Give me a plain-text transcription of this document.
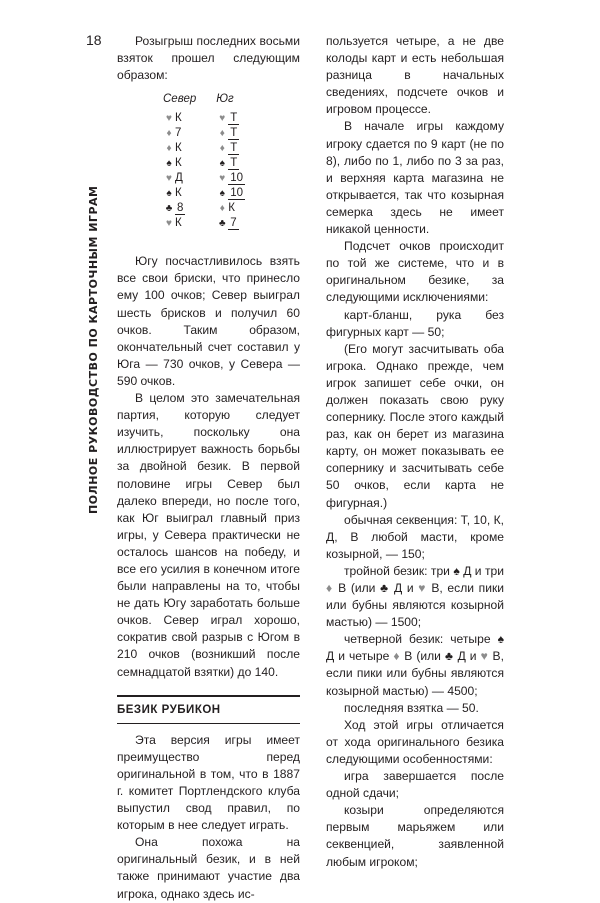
18
ПОЛНОЕ РУКОВОДСТВО ПО КАРТОЧНЫМ ИГРАМ

Розыгрыш последних восьми взяток прошел следующим образом:

Север	Юг
♥ К	♥ Т
♦ 7	♦ Т
♦ К	♦ Т
♠ К	♠ Т
♥ Д	♥ 10
♠ К	♠ 10
♣ 8	♦ К
♥ К	♣ 7

Югу посчастливилось взять все свои бриски, что принесло ему 100 очков; Север выиграл шесть брисков и получил 60 очков. Таким образом, окончательный счет составил у Юга — 730 очков, у Севера — 590 очков.

В целом это замечательная партия, которую следует изучить, поскольку она иллюстрирует важность борьбы за двойной безик. В первой половине игры Север был далеко впереди, но после того, как Юг выиграл главный приз игры, у Севера практически не осталось шансов на победу, и все его усилия в конечном итоге были направлены на то, чтобы не дать Югу заработать больше очков. Север играл хорошо, сократив свой разрыв с Югом в 210 очков (возникший после семнадцатой взятки) до 140.

БЕЗИК РУБИКОН

Эта версия игры имеет преимущество перед оригинальной в том, что в 1887 г. комитет Портлендского клуба выпустил свод правил, по которым в нее следует играть.

Она похожа на оригинальный безик, и в ней также принимают участие два игрока, однако здесь ис-

пользуется четыре, а не две колоды карт и есть небольшая разница в начальных сведениях, подсчете очков и игровом процессе.

В начале игры каждому игроку сдается по 9 карт (не по 8), либо по 1, либо по 3 за раз, и верхняя карта магазина не открывается, так что козырная семерка здесь не имеет никакой ценности.

Подсчет очков происходит по той же системе, что и в оригинальном безике, за следующими исключениями:

карт-бланш, рука без фигурных карт — 50;

(Его могут засчитывать оба игрока. Однако прежде, чем игрок запишет себе очки, он должен показать свою руку сопернику. После этого каждый раз, как он берет из магазина карту, он может показывать ее сопернику и засчитывать себе 50 очков, если карта не фигурная.)

обычная секвенция: Т, 10, К, Д, В любой масти, кроме козырной, — 150;

тройной безик: три ♠ Д и три ♦ В (или ♣ Д и ♥ В, если пики или бубны являются козырной мастью) — 1500;

четверной безик: четыре ♠ Д и четыре ♦ В (или ♣ Д и ♥ В, если пики или бубны являются козырной мастью) — 4500;

последняя взятка — 50.

Ход этой игры отличается от хода оригинального безика следующими особенностями:

игра завершается после одной сдачи;

козыри определяются первым марьяжем или секвенцией, заявленной любым игроком;
